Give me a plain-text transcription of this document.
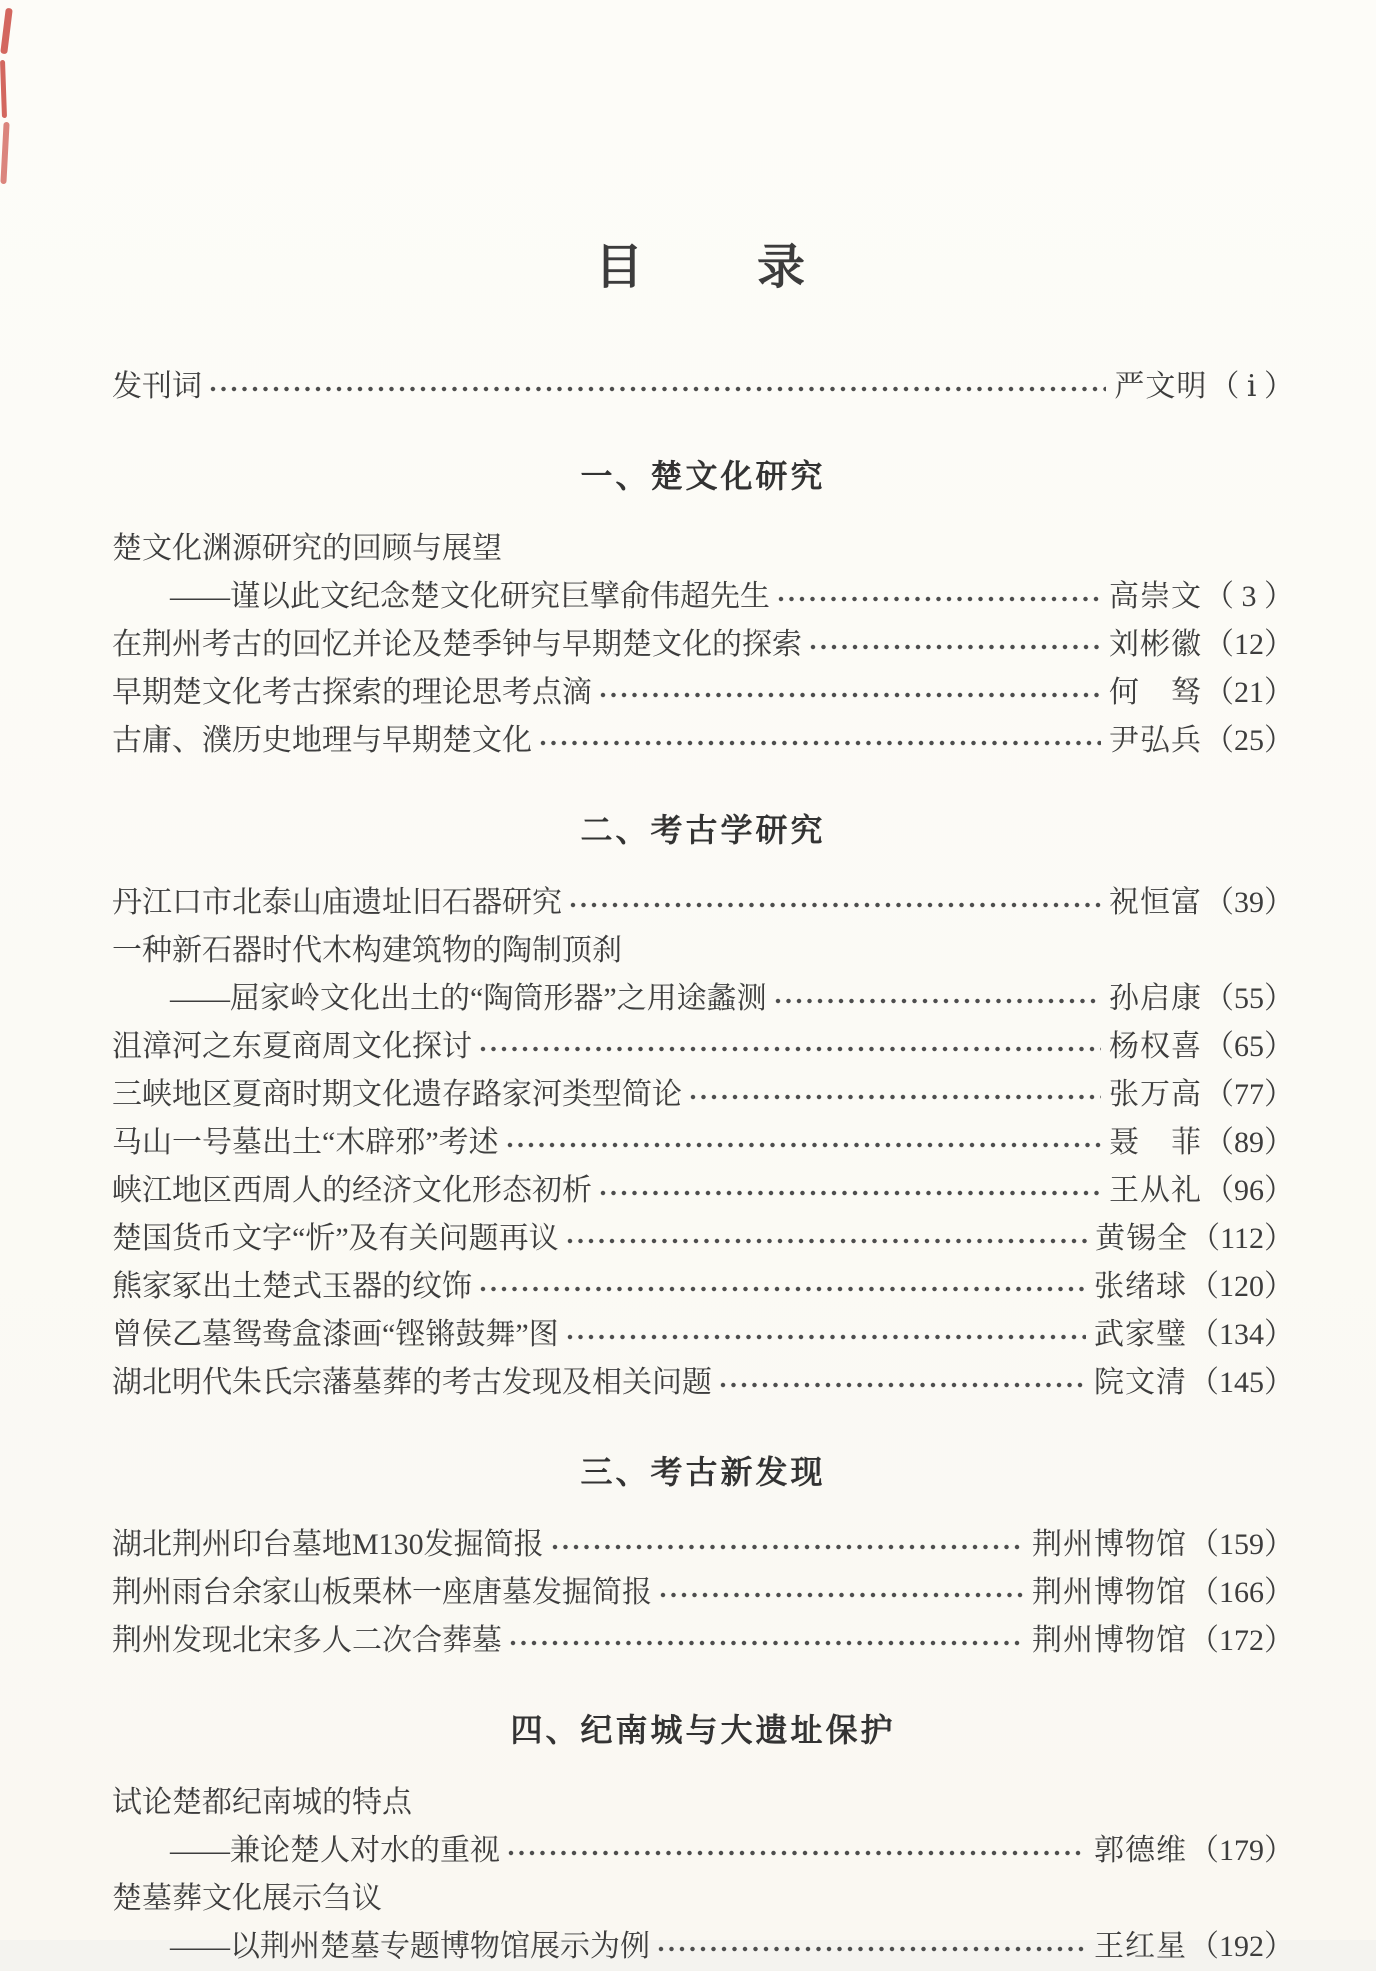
目　　录
发刊词	严文明 （ ⅰ ）
一、楚文化研究
楚文化渊源研究的回顾与展望
——谨以此文纪念楚文化研究巨擘俞伟超先生	高崇文 （ 3 ）
在荆州考古的回忆并论及楚季钟与早期楚文化的探索	刘彬徽 （12）
早期楚文化考古探索的理论思考点滴	何　驽 （21）
古庸、濮历史地理与早期楚文化	尹弘兵 （25）
二、考古学研究
丹江口市北泰山庙遗址旧石器研究	祝恒富 （39）
一种新石器时代木构建筑物的陶制顶刹
——屈家岭文化出土的“陶筒形器”之用途蠡测	孙启康 （55）
沮漳河之东夏商周文化探讨	杨权喜 （65）
三峡地区夏商时期文化遗存路家河类型简论	张万高 （77）
马山一号墓出土“木辟邪”考述	聂　菲 （89）
峡江地区西周人的经济文化形态初析	王从礼 （96）
楚国货币文字“忻”及有关问题再议	黄锡全 （112）
熊家冢出土楚式玉器的纹饰	张绪球 （120）
曾侯乙墓鸳鸯盒漆画“铿锵鼓舞”图	武家璧 （134）
湖北明代朱氏宗藩墓葬的考古发现及相关问题	院文清 （145）
三、考古新发现
湖北荆州印台墓地M130发掘简报	荆州博物馆 （159）
荆州雨台余家山板栗林一座唐墓发掘简报	荆州博物馆 （166）
荆州发现北宋多人二次合葬墓	荆州博物馆 （172）
四、纪南城与大遗址保护
试论楚都纪南城的特点
——兼论楚人对水的重视	郭德维 （179）
楚墓葬文化展示刍议
——以荆州楚墓专题博物馆展示为例	王红星 （192）
